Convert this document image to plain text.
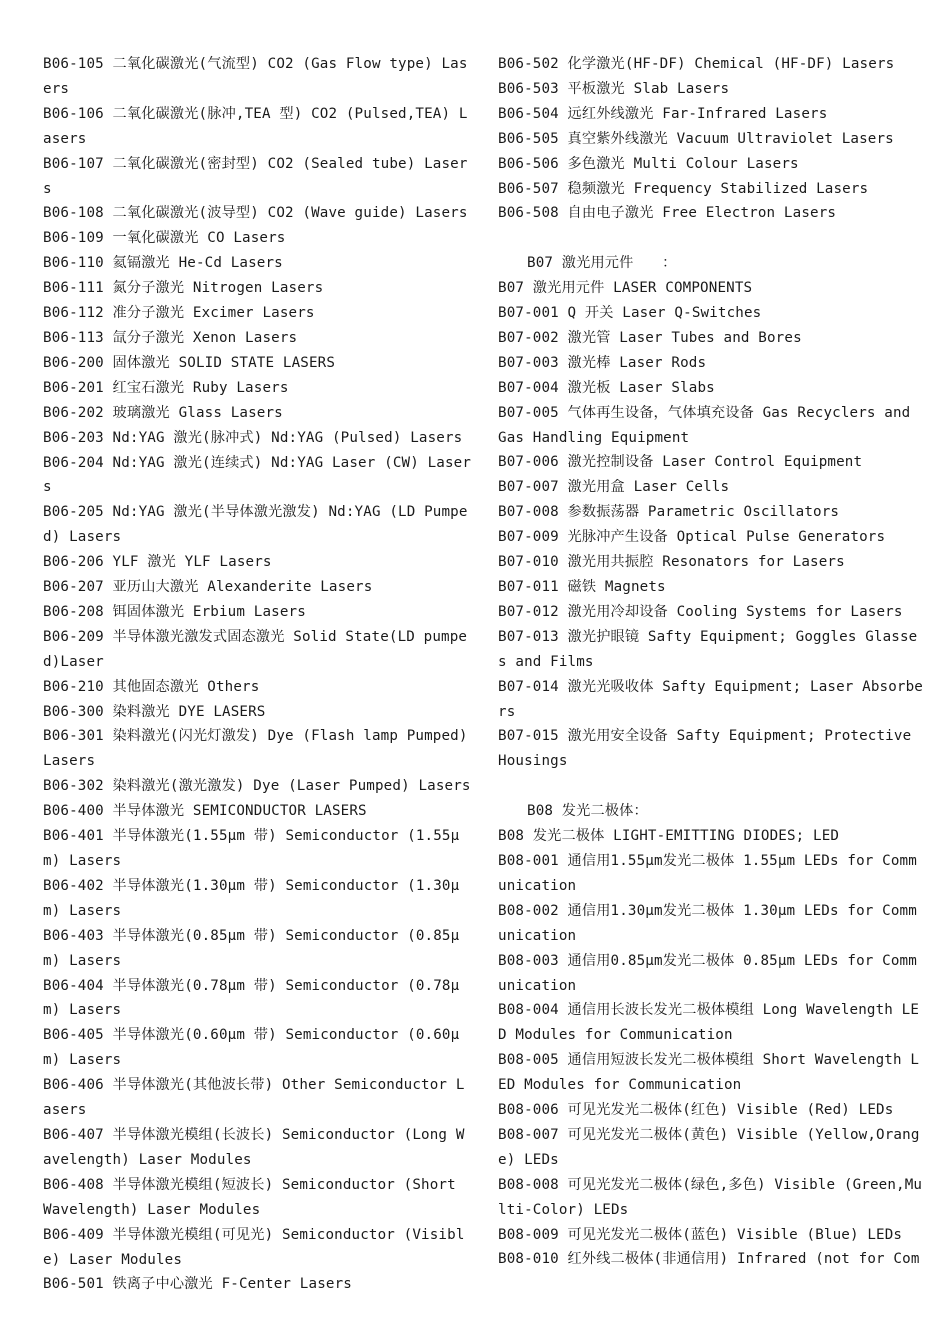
B06-105 二氧化碳激光(气流型) CO2 (Gas Flow type) Lasers
B06-106 二氧化碳激光(脉冲,TEA 型) CO2 (Pulsed,TEA) Lasers
B06-107 二氧化碳激光(密封型) CO2 (Sealed tube) Lasers
B06-108 二氧化碳激光(波导型) CO2 (Wave guide) Lasers
B06-109 一氧化碳激光 CO Lasers
B06-110 氦镉激光 He-Cd Lasers
B06-111 氮分子激光 Nitrogen Lasers
B06-112 准分子激光 Excimer Lasers
B06-113 氙分子激光 Xenon Lasers
B06-200 固体激光 SOLID STATE LASERS
B06-201 红宝石激光 Ruby Lasers
B06-202 玻璃激光 Glass Lasers
B06-203 Nd:YAG 激光(脉冲式) Nd:YAG (Pulsed) Lasers
B06-204 Nd:YAG 激光(连续式) Nd:YAG Laser (CW) Lasers
B06-205 Nd:YAG 激光(半导体激光激发) Nd:YAG (LD Pumped) Lasers
B06-206 YLF 激光 YLF Lasers
B06-207 亚历山大激光 Alexanderite Lasers
B06-208 铒固体激光 Erbium Lasers
B06-209 半导体激光激发式固态激光 Solid State(LD pumped)Laser
B06-210 其他固态激光 Others
B06-300 染料激光 DYE LASERS
B06-301 染料激光(闪光灯激发) Dye (Flash lamp Pumped) Lasers
B06-302 染料激光(激光激发) Dye (Laser Pumped) Lasers
B06-400 半导体激光 SEMICONDUCTOR LASERS
B06-401 半导体激光(1.55μm 带) Semiconductor (1.55μm) Lasers
B06-402 半导体激光(1.30μm 带) Semiconductor (1.30μm) Lasers
B06-403 半导体激光(0.85μm 带) Semiconductor (0.85μm) Lasers
B06-404 半导体激光(0.78μm 带) Semiconductor (0.78μm) Lasers
B06-405 半导体激光(0.60μm 带) Semiconductor (0.60μm) Lasers
B06-406 半导体激光(其他波长带) Other Semiconductor Lasers
B06-407 半导体激光模组(长波长) Semiconductor (Long Wavelength) Laser Modules
B06-408 半导体激光模组(短波长) Semiconductor (Short Wavelength) Laser Modules
B06-409 半导体激光模组(可见光) Semiconductor (Visible) Laser Modules
B06-501 铁离子中心激光 F-Center Lasers
B06-502 化学激光(HF-DF) Chemical (HF-DF) Lasers
B06-503 平板激光 Slab Lasers
B06-504 远红外线激光 Far-Infrared Lasers
B06-505 真空紫外线激光 Vacuum Ultraviolet Lasers
B06-506 多色激光 Multi Colour Lasers
B06-507 稳频激光 Frequency Stabilized Lasers
B06-508 自由电子激光 Free Electron Lasers
B07 激光用元件　　：
B07 激光用元件 LASER COMPONENTS
B07-001 Q 开关 Laser Q-Switches
B07-002 激光管 Laser Tubes and Bores
B07-003 激光棒 Laser Rods
B07-004 激光板 Laser Slabs
B07-005 气体再生设备，气体填充设备 Gas Recyclers and Gas Handling Equipment
B07-006 激光控制设备 Laser Control Equipment
B07-007 激光用盒 Laser Cells
B07-008 参数振荡器 Parametric Oscillators
B07-009 光脉冲产生设备 Optical Pulse Generators
B07-010 激光用共振腔 Resonators for Lasers
B07-011 磁铁 Magnets
B07-012 激光用冷却设备 Cooling Systems for Lasers
B07-013 激光护眼镜 Safty Equipment; Goggles Glasses and Films
B07-014 激光光吸收体 Safty Equipment; Laser Absorbers
B07-015 激光用安全设备 Safty Equipment; Protective Housings
B08 发光二极体：
B08 发光二极体 LIGHT-EMITTING DIODES; LED
B08-001 通信用1.55μm发光二极体 1.55μm LEDs for Communication
B08-002 通信用1.30μm发光二极体 1.30μm LEDs for Communication
B08-003 通信用0.85μm发光二极体 0.85μm LEDs for Communication
B08-004 通信用长波长发光二极体模组 Long Wavelength LED Modules for Communication
B08-005 通信用短波长发光二极体模组 Short Wavelength LED Modules for Communication
B08-006 可见光发光二极体(红色) Visible (Red) LEDs
B08-007 可见光发光二极体(黄色) Visible (Yellow,Orange) LEDs
B08-008 可见光发光二极体(绿色,多色) Visible (Green,Multi-Color) LEDs
B08-009 可见光发光二极体(蓝色) Visible (Blue) LEDs
B08-010 红外线二极体(非通信用) Infrared (not for Com
